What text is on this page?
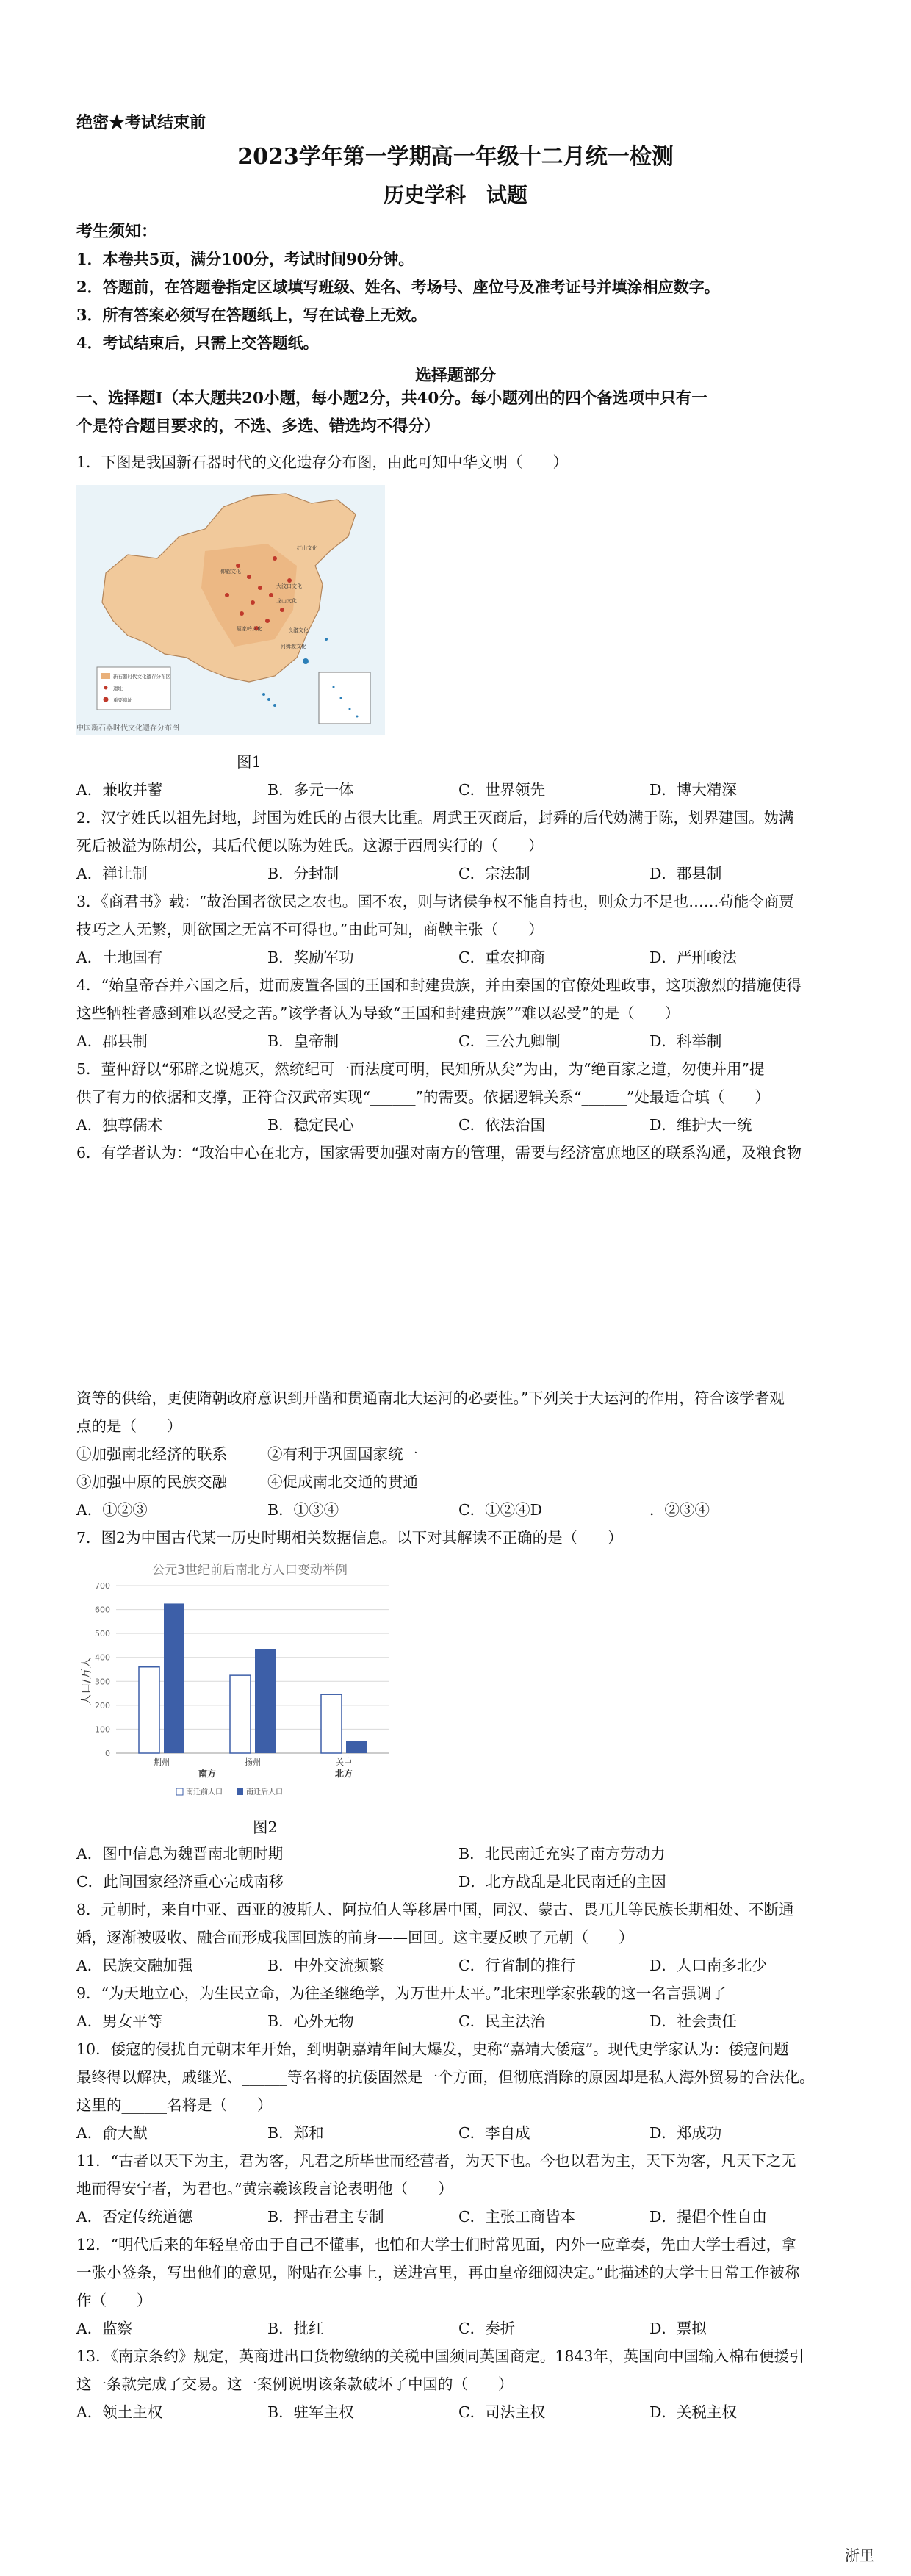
绝密★考试结束前
2023学年第一学期高一年级十二月统一检测
历史学科　试题
考生须知：
1．本卷共5页，满分100分，考试时间90分钟。
2．答题前，在答题卷指定区域填写班级、姓名、考场号、座位号及准考证号并填涂相应数字。
3．所有答案必须写在答题纸上，写在试卷上无效。
4．考试结束后，只需上交答题纸。
选择题部分
一、选择题Ⅰ（本大题共20小题，每小题2分，共40分。每小题列出的四个备选项中只有一
个是符合题目要求的，不选、多选、错选均不得分）
1．下图是我国新石器时代的文化遗存分布图，由此可知中华文明（　　）
新石器时代文化遗存分布区
遗址
重要遗址
红山文化
仰韶文化
大汶口文化
河姆渡文化
良渚文化
龙山文化
屈家岭文化
中国新石器时代文化遗存分布图
图1
A．兼收并蓄	B．多元一体	C．世界领先	D．博大精深
2．汉字姓氏以祖先封地，封国为姓氏的占很大比重。周武王灭商后，封舜的后代妫满于陈，划界建国。妫满
死后被溢为陈胡公，其后代便以陈为姓氏。这源于西周实行的（　　）
A．禅让制	B．分封制	C．宗法制	D．郡县制
3．《商君书》载：“故治国者欲民之农也。国不农，则与诸侯争权不能自持也，则众力不足也……苟能令商贾
技巧之人无繁，则欲国之无富不可得也。”由此可知，商鞅主张（　　）
A．土地国有	B．奖励军功	C．重农抑商	D．严刑峻法
4．“始皇帝吞并六国之后，进而废置各国的王国和封建贵族，并由秦国的官僚处理政事，这项激烈的措施使得
这些牺牲者感到难以忍受之苦。”该学者认为导致“王国和封建贵族”“难以忍受”的是（　　）
A．郡县制	B．皇帝制	C．三公九卿制	D．科举制
5．董仲舒以“邪辟之说熄灭，然统纪可一而法度可明，民知所从矣”为由，为“绝百家之道，勿使并用”提
供了有力的依据和支撑，正符合汉武帝实现“______”的需要。依据逻辑关系“______”处最适合填（　　）
A．独尊儒术	B．稳定民心	C．依法治国	D．维护大一统
6．有学者认为：“政治中心在北方，国家需要加强对南方的管理，需要与经济富庶地区的联系沟通，及粮食物
资等的供给，更使隋朝政府意识到开凿和贯通南北大运河的必要性。”下列关于大运河的作用，符合该学者观
点的是（　　）
①加强南北经济的联系	②有利于巩固国家统一
③加强中原的民族交融	④促成南北交通的贯通
A．①②③	B．①③④	C．①②④D	．②③④
7．图2为中国古代某一历史时期相关数据信息。以下对其解读不正确的是（　　）
公元3世纪前后南北方人口变动举例
人口/万人
0
100
200
300
400
500
600
700
荆州	扬州	关中
南方	北方
南迁前人口	南迁后人口
图2
A．图中信息为魏晋南北朝时期	B．北民南迁充实了南方劳动力
C．此间国家经济重心完成南移	D．北方战乱是北民南迁的主因
8．元朝时，来自中亚、西亚的波斯人、阿拉伯人等移居中国，同汉、蒙古、畏兀儿等民族长期相处、不断通
婚，逐渐被吸收、融合而形成我国回族的前身——回回。这主要反映了元朝（　　）
A．民族交融加强	B．中外交流频繁	C．行省制的推行	D．人口南多北少
9．“为天地立心，为生民立命，为往圣继绝学，为万世开太平。”北宋理学家张载的这一名言强调了
A．男女平等	B．心外无物	C．民主法治	D．社会责任
10．倭寇的侵扰自元朝末年开始，到明朝嘉靖年间大爆发，史称“嘉靖大倭寇”。现代史学家认为：倭寇问题
最终得以解决，戚继光、______等名将的抗倭固然是一个方面，但彻底消除的原因却是私人海外贸易的合法化。
这里的______名将是（　　）
A．俞大猷	B．郑和	C．李自成	D．郑成功
11．“古者以天下为主，君为客，凡君之所毕世而经营者，为天下也。今也以君为主，天下为客，凡天下之无
地而得安宁者，为君也。”黄宗羲该段言论表明他（　　）
A．否定传统道德	B．抨击君主专制	C．主张工商皆本	D．提倡个性自由
12．“明代后来的年轻皇帝由于自己不懂事，也怕和大学士们时常见面，内外一应章奏，先由大学士看过，拿
一张小签条，写出他们的意见，附贴在公事上，送进宫里，再由皇帝细阅决定。”此描述的大学士日常工作被称
作（　　）
A．监察	B．批红	C．奏折	D．票拟
13．《南京条约》规定，英商进出口货物缴纳的关税中国须同英国商定。1843年，英国向中国输入棉布便援引
这一条款完成了交易。这一案例说明该条款破坏了中国的（　　）
A．领土主权	B．驻军主权	C．司法主权	D．关税主权
浙里
